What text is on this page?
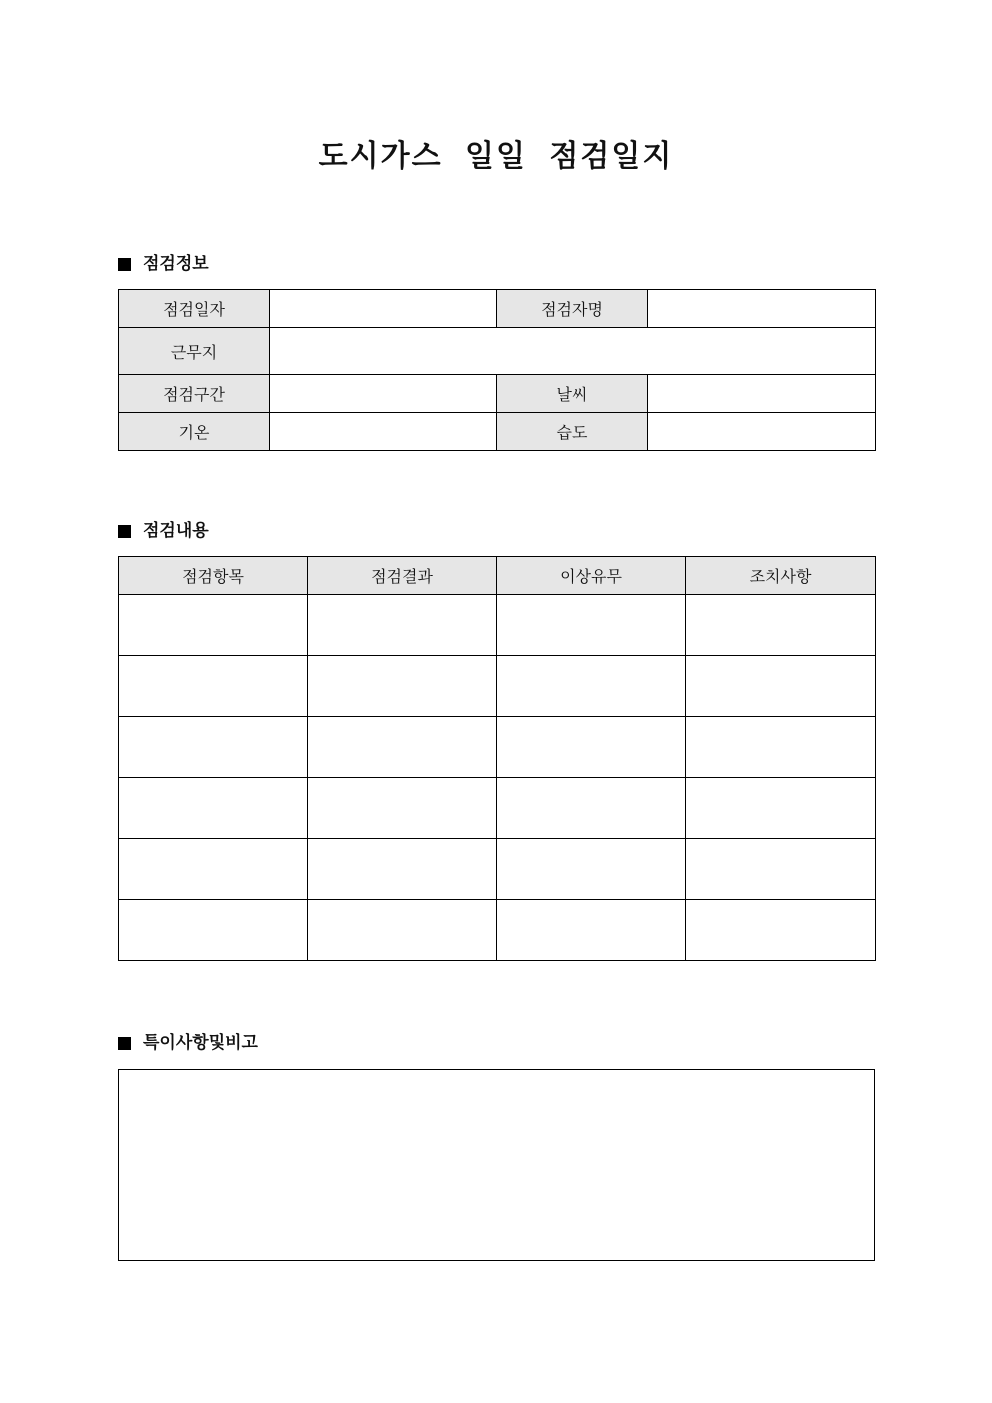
도시가스 일일 점검일지
점검정보
점검일자		점검자명	
근무지			
점검구간		날씨	
기온		습도	
점검내용
점검항목	점검결과	이상유무	조치사항

특이사항및비고
